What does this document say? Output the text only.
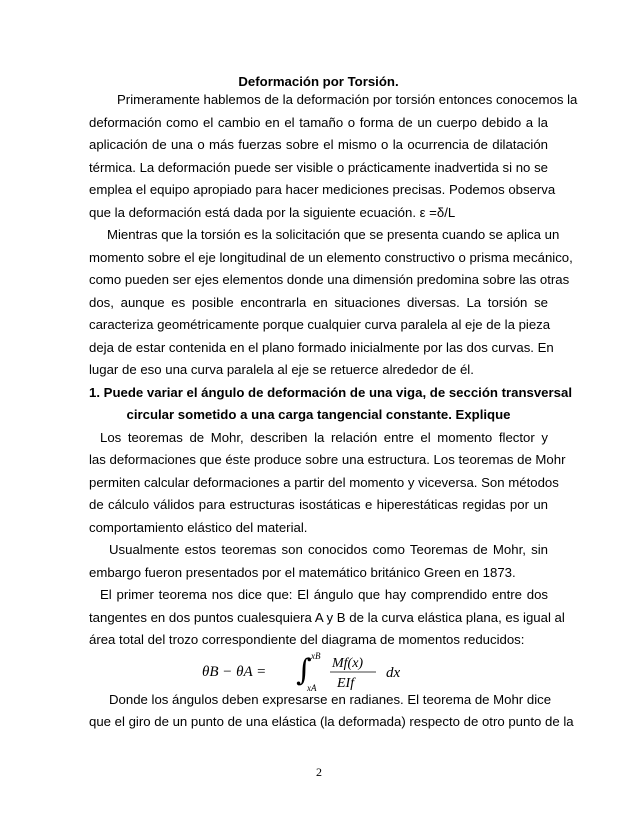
Deformación por Torsión.
Primeramente hablemos de la deformación por torsión entonces conocemos la
deformación como el cambio en el tamaño o forma de un cuerpo debido a la
aplicación de una o más fuerzas sobre el mismo o la ocurrencia de dilatación
térmica. La deformación puede ser visible o prácticamente inadvertida si no se
emplea el equipo apropiado para hacer mediciones precisas. Podemos observa
que la deformación está dada por la siguiente ecuación. ε =δ/L
Mientras que la torsión es la solicitación que se presenta cuando se aplica un
momento sobre el eje longitudinal de un elemento constructivo o prisma mecánico,
como pueden ser ejes elementos donde una dimensión predomina sobre las otras
dos, aunque es posible encontrarla en situaciones diversas. La torsión se
caracteriza geométricamente porque cualquier curva paralela al eje de la pieza
deja de estar contenida en el plano formado inicialmente por las dos curvas. En
lugar de eso una curva paralela al eje se retuerce alrededor de él.
1. Puede variar el ángulo de deformación de una viga, de sección transversal
circular sometido a una carga tangencial constante. Explique
Los teoremas de Mohr, describen la relación entre el momento flector y
las deformaciones que éste produce sobre una estructura. Los teoremas de Mohr
permiten calcular deformaciones a partir del momento y viceversa. Son métodos
de cálculo válidos para estructuras isostáticas e hiperestáticas regidas por un
comportamiento elástico del material.
Usualmente estos teoremas son conocidos como Teoremas de Mohr, sin
embargo fueron presentados por el matemático británico Green en 1873.
El primer teorema nos dice que: El ángulo que hay comprendido entre dos
tangentes en dos puntos cualesquiera A y B de la curva elástica plana, es igual al
área total del trozo correspondiente del diagrama de momentos reducidos:
θB − θA = ∫ xB
xA
Mf(x)
EIf
dx
Donde los ángulos deben expresarse en radianes. El teorema de Mohr dice
que el giro de un punto de una elástica (la deformada) respecto de otro punto de la
2
